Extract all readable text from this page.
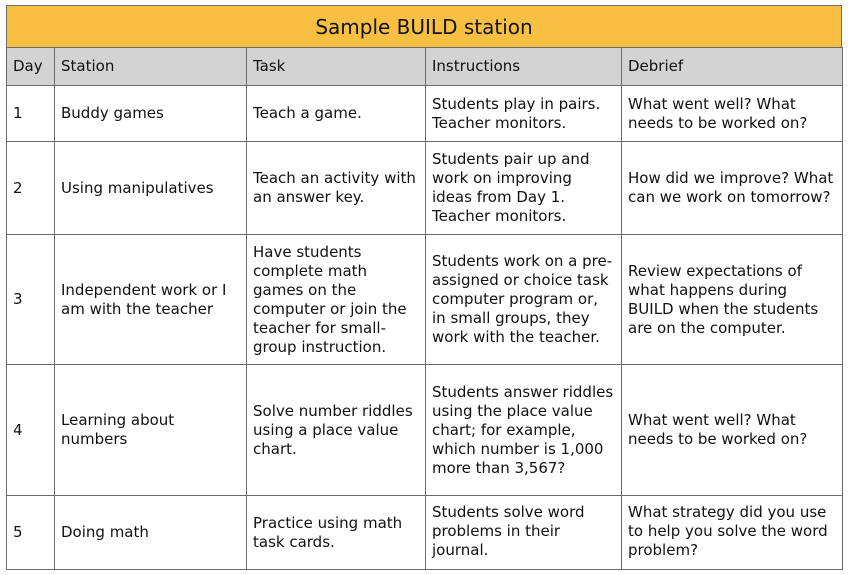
Sample BUILD station
Day	Station	Task	Instructions	Debrief
1	Buddy games	Teach a game.	Students play in pairs. Teacher monitors.	What went well? What needs to be worked on?
2	Using manipulatives	Teach an activity with an answer key.	Students pair up and work on improving ideas from Day 1. Teacher monitors.	How did we improve? What can we work on tomorrow?
3	Independent work or I am with the teacher	Have students complete math games on the computer or join the teacher for small-group instruction.	Students work on a pre-assigned or choice task computer program or, in small groups, they work with the teacher.	Review expectations of what happens during BUILD when the students are on the computer.
4	Learning about numbers	Solve number riddles using a place value chart.	Students answer riddles using the place value chart; for example, which number is 1,000 more than 3,567?	What went well? What needs to be worked on?
5	Doing math	Practice using math task cards.	Students solve word problems in their journal.	What strategy did you use to help you solve the word problem?
